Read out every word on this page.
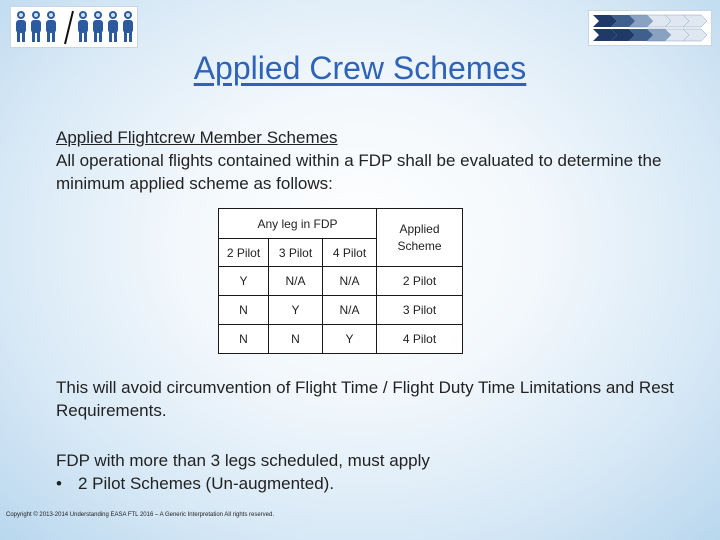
Applied Crew Schemes
Applied Flightcrew Member Schemes
All operational flights contained within a FDP shall be evaluated to determine the minimum applied scheme as follows:
Any leg in FDP			Applied Scheme
2 Pilot	3 Pilot	4 Pilot	
Y	N/A	N/A	2 Pilot
N	Y	N/A	3 Pilot
N	N	Y	4 Pilot
This will avoid circumvention of Flight Time / Flight Duty Time Limitations and Rest Requirements.
FDP with more than 3 legs scheduled, must apply
• 2 Pilot Schemes (Un-augmented).
Copyright © 2013-2014 Understanding EASA FTL 2016 – A Generic Interpretation All rights reserved.
